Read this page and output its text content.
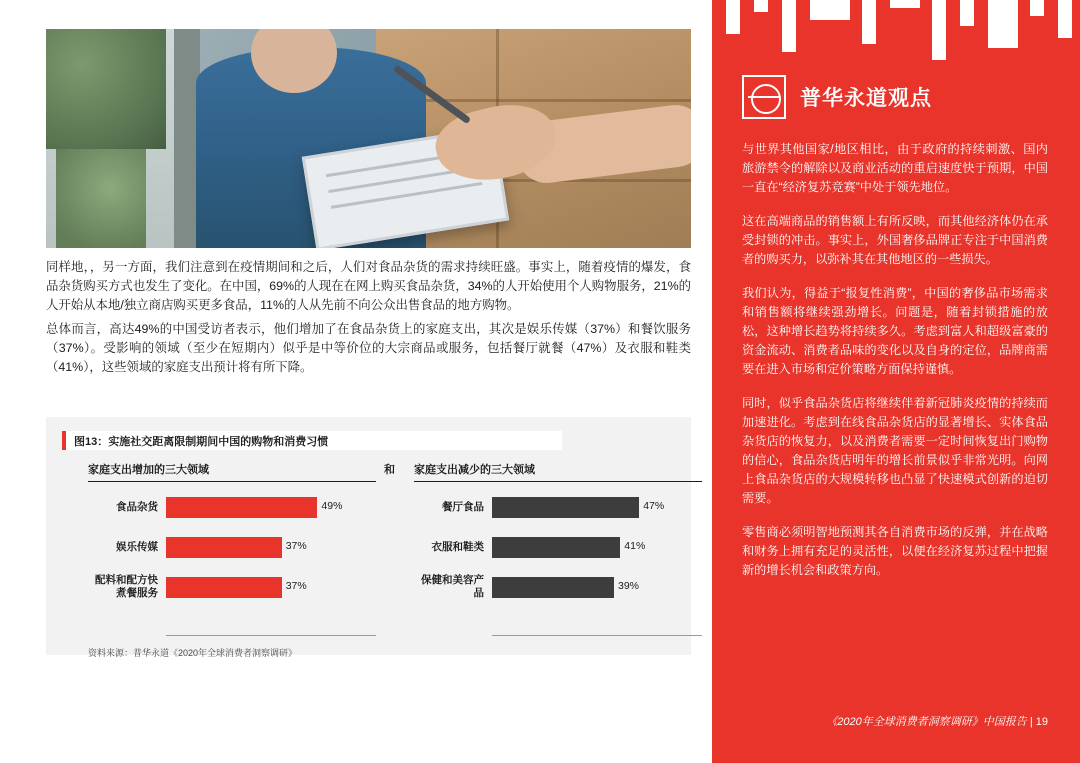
同样地，，另一方面，我们注意到在疫情期间和之后，人们对食品杂货的需求持续旺盛。事实上，随着疫情的爆发，食品杂货购买方式也发生了变化。在中国，69%的人现在在网上购买食品杂货，34%的人开始使用个人购物服务，21%的人开始从本地/独立商店购买更多食品，11%的人从先前不向公众出售食品的地方购物。
总体而言，高达49%的中国受访者表示，他们增加了在食品杂货上的家庭支出，其次是娱乐传媒（37%）和餐饮服务（37%）。受影响的领域（至少在短期内）似乎是中等价位的大宗商品或服务，包括餐厅就餐（47%）及衣服和鞋类（41%），这些领域的家庭支出预计将有所下降。
图13：实施社交距离限制期间中国的购物和消费习惯
和
家庭支出增加的三大领域
食品杂货	49%
娱乐传媒	37%
配料和配方快煮餐服务
37%
家庭支出减少的三大领域
餐厅食品	47%
衣服和鞋类	41%
保健和美容产品
39%
资料来源：普华永道《2020年全球消费者洞察调研》
普华永道观点

与世界其他国家/地区相比，由于政府的持续刺激、国内旅游禁令的解除以及商业活动的重启速度快于预期，中国一直在“经济复苏竞赛”中处于领先地位。

这在高端商品的销售额上有所反映，而其他经济体仍在承受封锁的冲击。事实上，外国奢侈品牌正专注于中国消费者的购买力，以弥补其在其他地区的一些损失。

我们认为，得益于“报复性消费”，中国的奢侈品市场需求和销售额将继续强劲增长。问题是，随着封锁措施的放松，这种增长趋势将持续多久。考虑到富人和超级富豪的资金流动、消费者品味的变化以及自身的定位，品牌商需要在进入市场和定价策略方面保持谨慎。

同时，似乎食品杂货店将继续伴着新冠肺炎疫情的持续而加速进化。考虑到在线食品杂货店的显著增长、实体食品杂货店的恢复力，以及消费者需要一定时间恢复出门购物的信心，食品杂货店明年的增长前景似乎非常光明。向网上食品杂货店的大规模转移也凸显了快速模式创新的迫切需要。

零售商必须明智地预测其各自消费市场的反弹，并在战略和财务上拥有充足的灵活性，以便在经济复苏过程中把握新的增长机会和政策方向。

《2020年全球消费者洞察调研》中国报告 | 19
